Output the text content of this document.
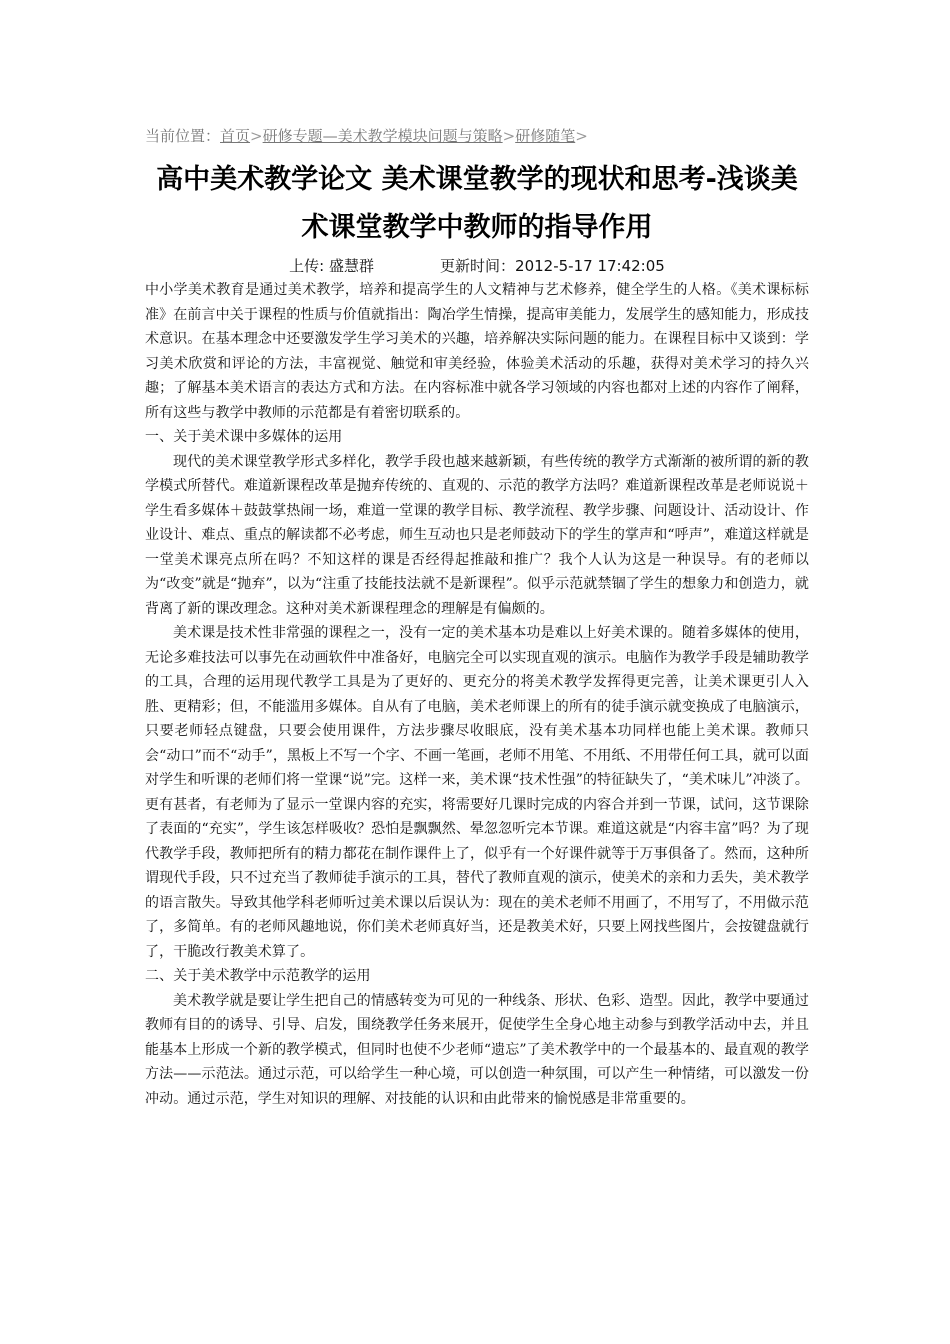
当前位置：首页>研修专题—美术教学模块问题与策略>研修随笔>
高中美术教学论文 美术课堂教学的现状和思考-浅谈美术课堂教学中教师的指导作用
上传: 盛慧群	更新时间：2012-5-17 17:42:05

中小学美术教育是通过美术教学，培养和提高学生的人文精神与艺术修养，健全学生的人格。《美术课标标准》在前言中关于课程的性质与价值就指出：陶冶学生情操，提高审美能力，发展学生的感知能力，形成技术意识。在基本理念中还要激发学生学习美术的兴趣，培养解决实际问题的能力。在课程目标中又谈到：学习美术欣赏和评论的方法，丰富视觉、触觉和审美经验，体验美术活动的乐趣，获得对美术学习的持久兴趣；了解基本美术语言的表达方式和方法。在内容标准中就各学习领域的内容也都对上述的内容作了阐释，所有这些与教学中教师的示范都是有着密切联系的。

一、关于美术课中多媒体的运用

现代的美术课堂教学形式多样化，教学手段也越来越新颖，有些传统的教学方式渐渐的被所谓的新的教学模式所替代。难道新课程改革是抛弃传统的、直观的、示范的教学方法吗？难道新课程改革是老师说说＋学生看多媒体＋鼓鼓掌热闹一场，难道一堂课的教学目标、教学流程、教学步骤、问题设计、活动设计、作业设计、难点、重点的解读都不必考虑，师生互动也只是老师鼓动下的学生的掌声和“呼声”，难道这样就是一堂美术课亮点所在吗？不知这样的课是否经得起推敲和推广？我个人认为这是一种误导。有的老师以为“改变”就是“抛弃”，以为“注重了技能技法就不是新课程”。似乎示范就禁锢了学生的想象力和创造力，就背离了新的课改理念。这种对美术新课程理念的理解是有偏颇的。

美术课是技术性非常强的课程之一，没有一定的美术基本功是难以上好美术课的。随着多媒体的使用，无论多难技法可以事先在动画软件中准备好，电脑完全可以实现直观的演示。电脑作为教学手段是辅助教学的工具，合理的运用现代教学工具是为了更好的、更充分的将美术教学发挥得更完善，让美术课更引人入胜、更精彩；但，不能滥用多媒体。自从有了电脑，美术老师课上的所有的徒手演示就变换成了电脑演示，只要老师轻点键盘，只要会使用课件，方法步骤尽收眼底，没有美术基本功同样也能上美术课。教师只会“动口”而不“动手”，黑板上不写一个字、不画一笔画，老师不用笔、不用纸、不用带任何工具，就可以面对学生和听课的老师们将一堂课“说”完。这样一来，美术课“技术性强”的特征缺失了，“美术味儿”冲淡了。更有甚者，有老师为了显示一堂课内容的充实，将需要好几课时完成的内容合并到一节课，试问，这节课除了表面的“充实”，学生该怎样吸收？恐怕是飘飘然、晕忽忽听完本节课。难道这就是“内容丰富”吗？为了现代教学手段，教师把所有的精力都花在制作课件上了，似乎有一个好课件就等于万事俱备了。然而，这种所谓现代手段，只不过充当了教师徒手演示的工具，替代了教师直观的演示，使美术的亲和力丢失，美术教学的语言散失。导致其他学科老师听过美术课以后误认为：现在的美术老师不用画了，不用写了，不用做示范了，多简单。有的老师风趣地说，你们美术老师真好当，还是教美术好，只要上网找些图片，会按键盘就行了，干脆改行教美术算了。

二、关于美术教学中示范教学的运用

美术教学就是要让学生把自己的情感转变为可见的一种线条、形状、色彩、造型。因此，教学中要通过教师有目的的诱导、引导、启发，围绕教学任务来展开，促使学生全身心地主动参与到教学活动中去，并且能基本上形成一个新的教学模式，但同时也使不少老师“遗忘”了美术教学中的一个最基本的、最直观的教学方法——示范法。通过示范，可以给学生一种心境，可以创造一种氛围，可以产生一种情绪，可以激发一份冲动。通过示范，学生对知识的理解、对技能的认识和由此带来的愉悦感是非常重要的。
